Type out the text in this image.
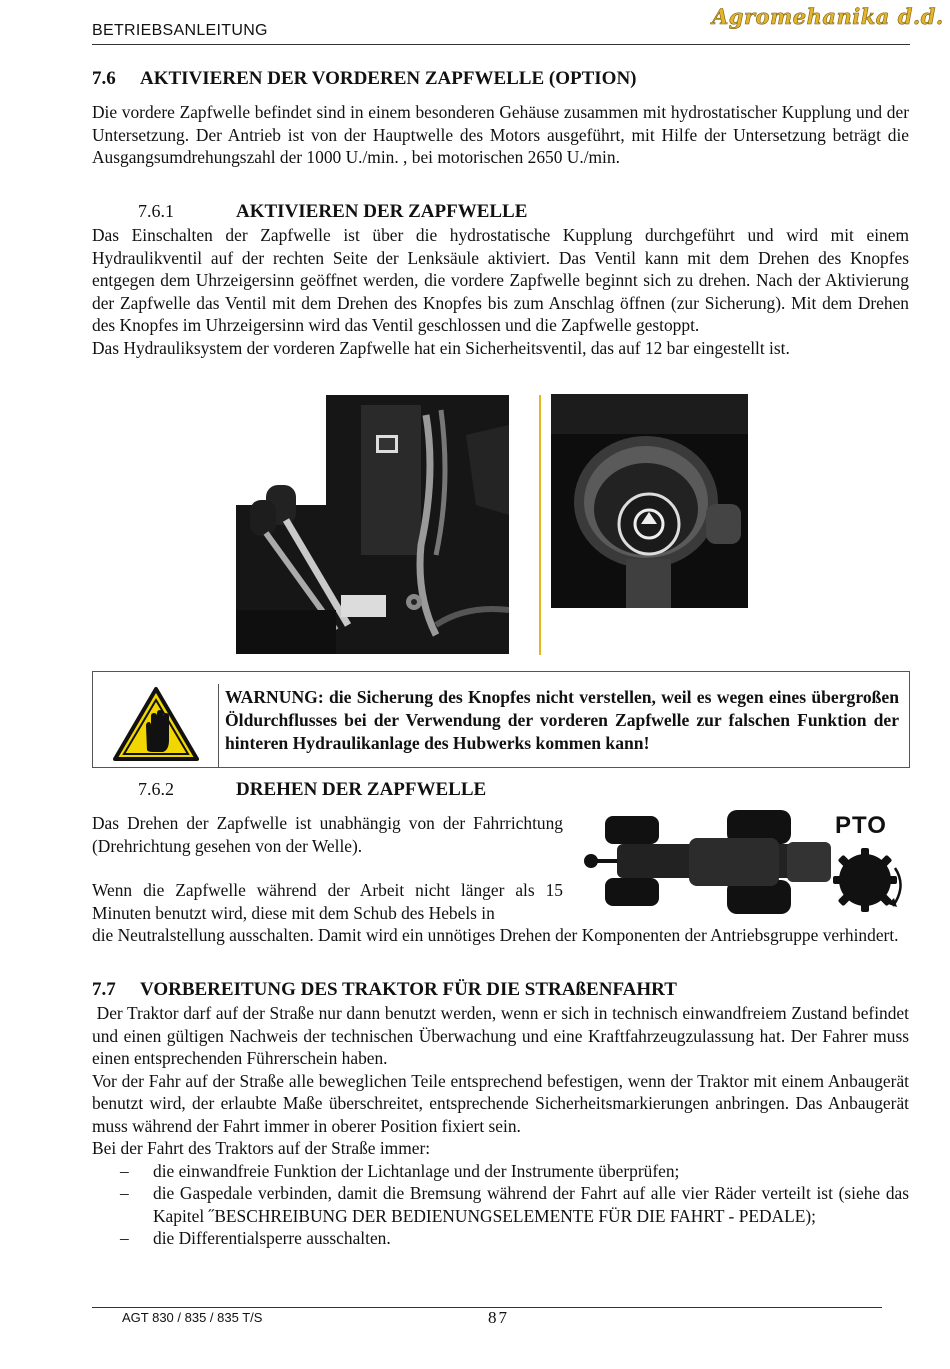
BETRIEBSANLEITUNG
Agromehanika d.d.
7.6 AKTIVIEREN DER VORDEREN ZAPFWELLE (OPTION)

Die vordere Zapfwelle befindet sind in einem besonderen Gehäuse zusammen mit hydrostatischer Kupplung und der Untersetzung. Der Antrieb ist von der Hauptwelle des Motors ausgeführt, mit Hilfe der Untersetzung beträgt die Ausgangsumdrehungszahl der 1000 U./min. , bei motorischen 2650 U./min.

7.6.1	AKTIVIEREN DER ZAPFWELLE

Das Einschalten der Zapfwelle ist über die hydrostatische Kupplung durchgeführt und wird mit einem Hydraulikventil auf der rechten Seite der Lenksäule aktiviert. Das Ventil kann mit dem Drehen des Knopfes entgegen dem Uhrzeigersinn geöffnet werden, die vordere Zapfwelle beginnt sich zu drehen. Nach der Aktivierung der Zapfwelle das Ventil mit dem Drehen des Knopfes bis zum Anschlag öffnen (zur Sicherung). Mit dem Drehen des Knopfes im Uhrzeigersinn wird das Ventil geschlossen und die Zapfwelle gestoppt.

Das Hydrauliksystem der vorderen Zapfwelle hat ein Sicherheitsventil, das auf 12 bar eingestellt ist.

WARNUNG: die Sicherung des Knopfes nicht verstellen, weil es wegen eines übergroßen Öldurchflusses bei der Verwendung der vorderen Zapfwelle zur falschen Funktion der hinteren Hydraulikanlage des Hubwerks kommen kann!
7.6.2	DREHEN DER ZAPFWELLE

Das Drehen der Zapfwelle ist unabhängig von der Fahrrichtung (Drehrichtung gesehen von der Welle).

Wenn die Zapfwelle während der Arbeit nicht länger als 15 Minuten benutzt wird, diese mit dem Schub des Hebels in

die Neutralstellung ausschalten. Damit wird ein unnötiges Drehen der Komponenten der Antriebsgruppe verhindert.

PTO
7.7 VORBEREITUNG DES TRAKTOR FÜR DIE STRAßENFAHRT

Der Traktor darf auf der Straße nur dann benutzt werden, wenn er sich in technisch einwandfreiem Zustand befindet und einen gültigen Nachweis der technischen Überwachung und eine Kraftfahrzeugzulassung hat. Der Fahrer muss einen entsprechenden Führerschein haben.

Vor der Fahr auf der Straße alle beweglichen Teile entsprechend befestigen, wenn der Traktor mit einem Anbaugerät benutzt wird, der erlaubte Maße überschreitet, entsprechende Sicherheitsmarkierungen anbringen. Das Anbaugerät muss während der Fahrt immer in oberer Position fixiert sein.

Bei der Fahrt des Traktors auf der Straße immer:

– die einwandfreie Funktion der Lichtanlage und der Instrumente überprüfen;
– die Gaspedale verbinden, damit die Bremsung während der Fahrt auf alle vier Räder verteilt ist (siehe das Kapitel ˝BESCHREIBUNG DER BEDIENUNGSELEMENTE FÜR DIE FAHRT - PEDALE);
– die Differentialsperre ausschalten.
AGT 830 / 835 / 835 T/S	87
